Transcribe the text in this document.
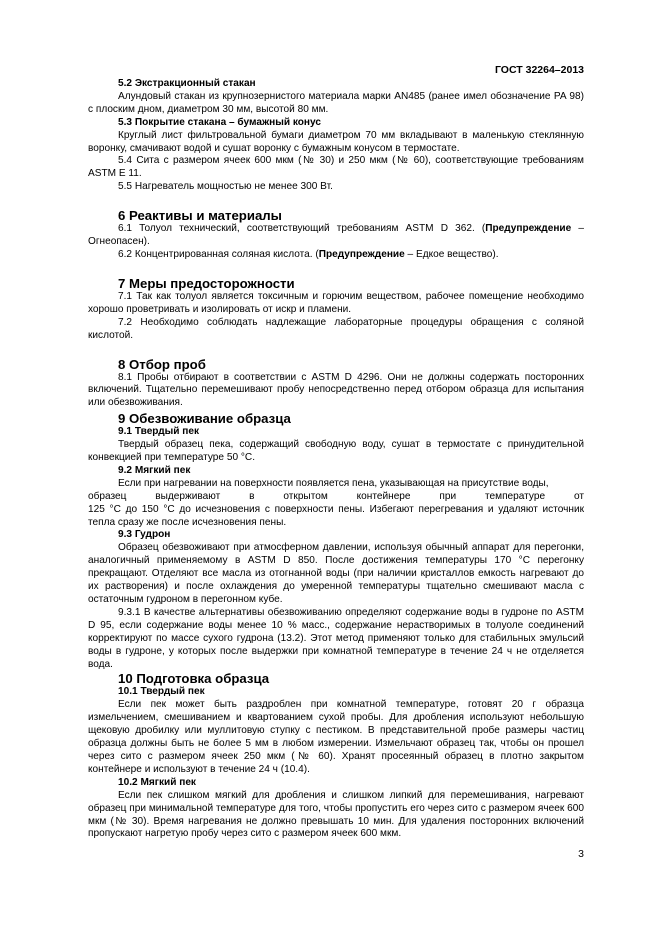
ГОСТ 32264–2013
5.2 Экстракционный стакан

Алундовый стакан из крупнозернистого материала марки AN485 (ранее имел обозначение PA 98) с плоским дном, диаметром 30 мм, высотой 80 мм.

5.3 Покрытие стакана – бумажный конус

Круглый лист фильтровальной бумаги диаметром 70 мм вкладывают в маленькую стеклянную воронку, смачивают водой и сушат воронку с бумажным конусом в термостате.

5.4 Сита с размером ячеек 600 мкм (№ 30) и 250 мкм (№ 60), соответствующие требованиям ASTM E 11.

5.5 Нагреватель мощностью не менее 300 Вт.

6 Реактивы и материалы

6.1 Толуол технический, соответствующий требованиям ASTM D 362. (Предупреждение – Огнеопасен).

6.2 Концентрированная соляная кислота. (Предупреждение – Едкое вещество).

7 Меры предосторожности

7.1 Так как толуол является токсичным и горючим веществом, рабочее помещение необходимо хорошо проветривать и изолировать от искр и пламени.

7.2 Необходимо соблюдать надлежащие лабораторные процедуры обращения с соляной кислотой.

8 Отбор проб

8.1 Пробы отбирают в соответствии с ASTM D 4296. Они не должны содержать посторонних включений. Тщательно перемешивают пробу непосредственно перед отбором образца для испытания или обезвоживания.

9 Обезвоживание образца
9.1 Твердый пек

Твердый образец пека, содержащий свободную воду, сушат в термостате с принудительной конвекцией при температуре 50 °С.

9.2 Мягкий пек

Если при нагревании на поверхности появляется пена, указывающая на присутствие воды,

образец	выдерживают	в	открытом	контейнере	при	температуре	от

125 °С до 150 °С до исчезновения с поверхности пены. Избегают перегревания и удаляют источник тепла сразу же после исчезновения пены.

9.3 Гудрон

Образец обезвоживают при атмосферном давлении, используя обычный аппарат для перегонки, аналогичный применяемому в ASTM D 850. После достижения температуры 170 °С перегонку прекращают. Отделяют все масла из отогнанной воды (при наличии кристаллов емкость нагревают до их растворения) и после охлаждения до умеренной температуры тщательно смешивают масла с остаточным гудроном в перегонном кубе.

9.3.1 В качестве альтернативы обезвоживанию определяют содержание воды в гудроне по ASTM D 95, если содержание воды менее 10 % масс., содержание нерастворимых в толуоле соединений корректируют по массе сухого гудрона (13.2). Этот метод применяют только для стабильных эмульсий воды в гудроне, у которых после выдержки при комнатной температуре в течение 24 ч не отделяется вода.

10 Подготовка образца
10.1 Твердый пек

Если пек может быть раздроблен при комнатной температуре, готовят 20 г образца измельчением, смешиванием и квартованием сухой пробы. Для дробления используют небольшую щековую дробилку или муллитовую ступку с пестиком. В представительной пробе размеры частиц образца должны быть не более 5 мм в любом измерении. Измельчают образец так, чтобы он прошел через сито с размером ячеек 250 мкм (№ 60). Хранят просеянный образец в плотно закрытом контейнере и используют в течение 24 ч (10.4).

10.2 Мягкий пек

Если пек слишком мягкий для дробления и слишком липкий для перемешивания, нагревают образец при минимальной температуре для того, чтобы пропустить его через сито с размером ячеек 600 мкм (№ 30). Время нагревания не должно превышать 10 мин. Для удаления посторонних включений пропускают нагретую пробу через сито с размером ячеек 600 мкм.

3
